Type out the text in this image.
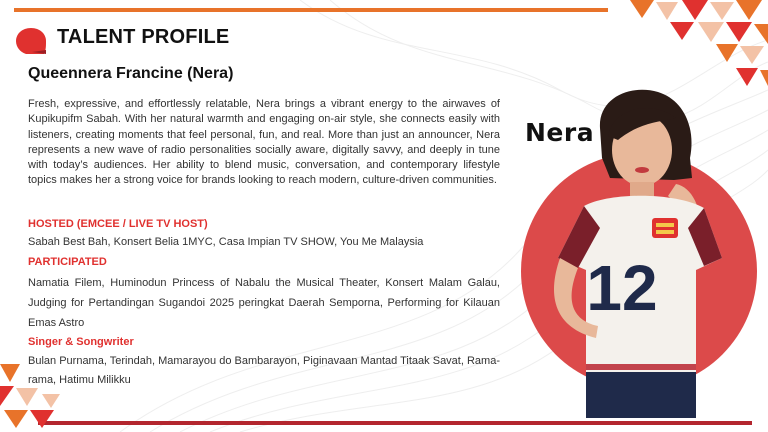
TALENT PROFILE
Queennera Francine (Nera)
Fresh, expressive, and effortlessly relatable, Nera brings a vibrant energy to the airwaves of Kupikupifm Sabah. With her natural warmth and engaging on-air style, she connects easily with listeners, creating moments that feel personal, fun, and real. More than just an announcer, Nera represents a new wave of radio personalities socially aware, digitally savvy, and deeply in tune with today’s audiences. Her ability to blend music, conversation, and contemporary lifestyle topics makes her a strong voice for brands looking to reach modern, culture-driven communities.
HOSTED (EMCEE / LIVE TV HOST)
Sabah Best Bah, Konsert Belia 1MYC, Casa Impian TV SHOW, You Me Malaysia
PARTICIPATED
Namatia Filem, Huminodun Princess of Nabalu the Musical Theater, Konsert Malam Galau, Judging for Pertandingan Sugandoi 2025 peringkat Daerah Semporna, Performing for Kilauan Emas Astro
Singer & Songwriter
Bulan Purnama, Terindah, Mamarayou do Bambarayon, Piginavaan Mantad Titaak Savat, Rama-rama, Hatimu Milikku
12
Nera
